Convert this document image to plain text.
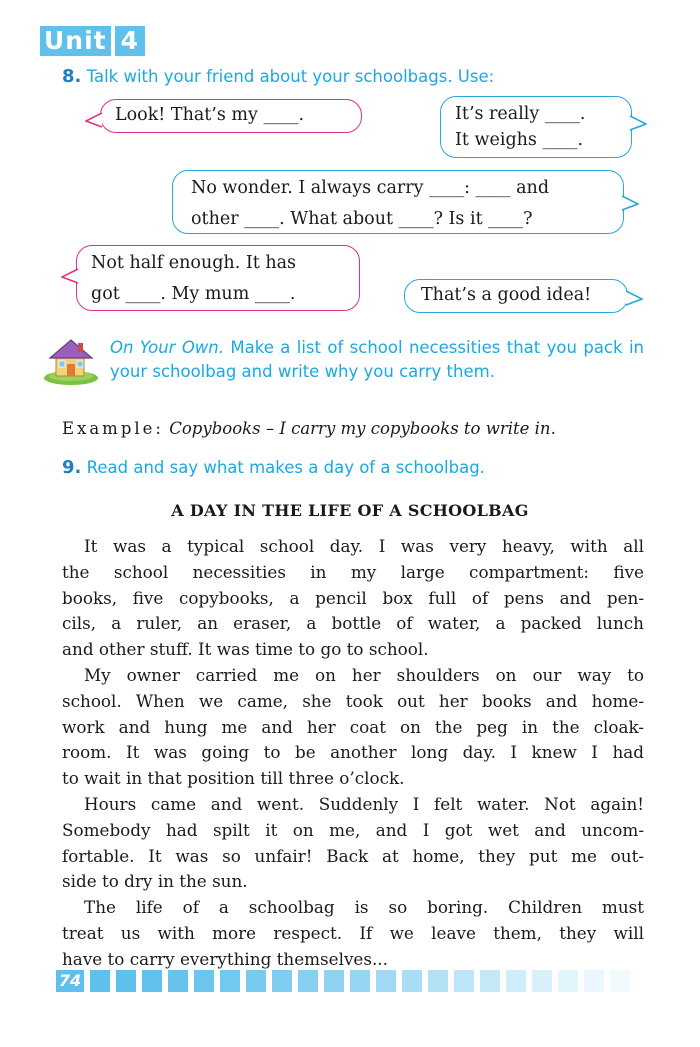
Unit 4
8. Talk with your friend about your schoolbags. Use:
Look! That’s my ____.	It’s really ____.
It weighs ____.
No wonder. I always carry ____: ____ and
other ____. What about ____? Is it ____?
Not half enough. It has
got ____. My mum ____.	That’s a good idea!
On Your Own. Make a list of school necessities that you pack in your schoolbag and write why you carry them.
Example: Copybooks – I carry my copybooks to write in.
9. Read and say what makes a day of a schoolbag.
A DAY IN THE LIFE OF A SCHOOLBAG

It was a typical school day. I was very heavy, with all
the school necessities in my large compartment: five
books, five copybooks, a pencil box full of pens and pen-
cils, a ruler, an eraser, a bottle of water, a packed lunch
and other stuff. It was time to go to school.

My owner carried me on her shoulders on our way to
school. When we came, she took out her books and home-
work and hung me and her coat on the peg in the cloak-
room. It was going to be another long day. I knew I had
to wait in that position till three o’clock.

Hours came and went. Suddenly I felt water. Not again!
Somebody had spilt it on me, and I got wet and uncom-
fortable. It was so unfair! Back at home, they put me out-
side to dry in the sun.

The life of a schoolbag is so boring. Children must
treat us with more respect. If we leave them, they will
have to carry everything themselves...

74
